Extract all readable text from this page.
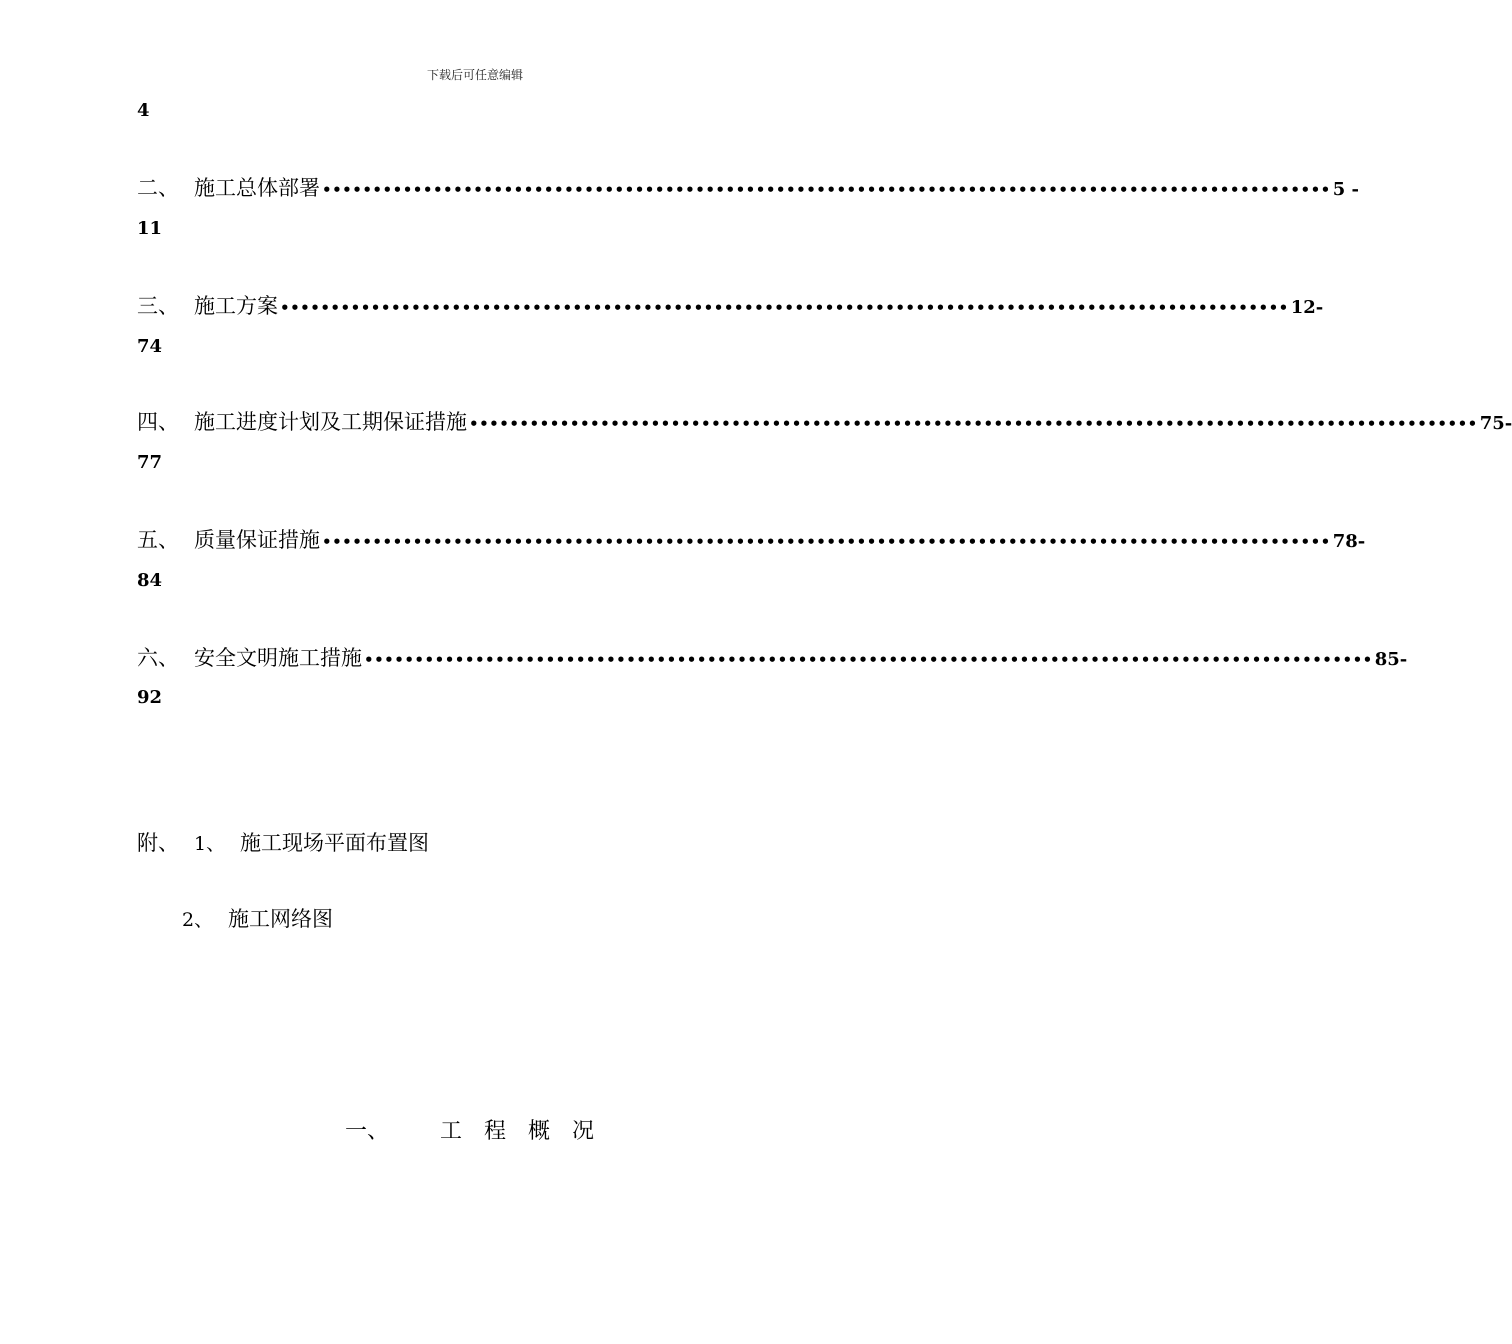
下载后可任意编辑
4
二、 施工总体部署 •••••••••••••••••••••••••••••••••••••••••••••••••••••••••••••••••••••••••••••••••••••••••••••••••••• 5 -
11
三、 施工方案 •••••••••••••••••••••••••••••••••••••••••••••••••••••••••••••••••••••••••••••••••••••••••••••••••••• 12-
74
四、 施工进度计划及工期保证措施 •••••••••••••••••••••••••••••••••••••••••••••••••••••••••••••••••••••••••••••••••••••••••••••••••••• 75-
77
五、 质量保证措施 •••••••••••••••••••••••••••••••••••••••••••••••••••••••••••••••••••••••••••••••••••••••••••••••••••• 78-
84
六、 安全文明施工措施 •••••••••••••••••••••••••••••••••••••••••••••••••••••••••••••••••••••••••••••••••••••••••••••••••••• 85-
92
附、 1、 施工现场平面布置图
2、 施工网络图
一、 工 程 概 况
